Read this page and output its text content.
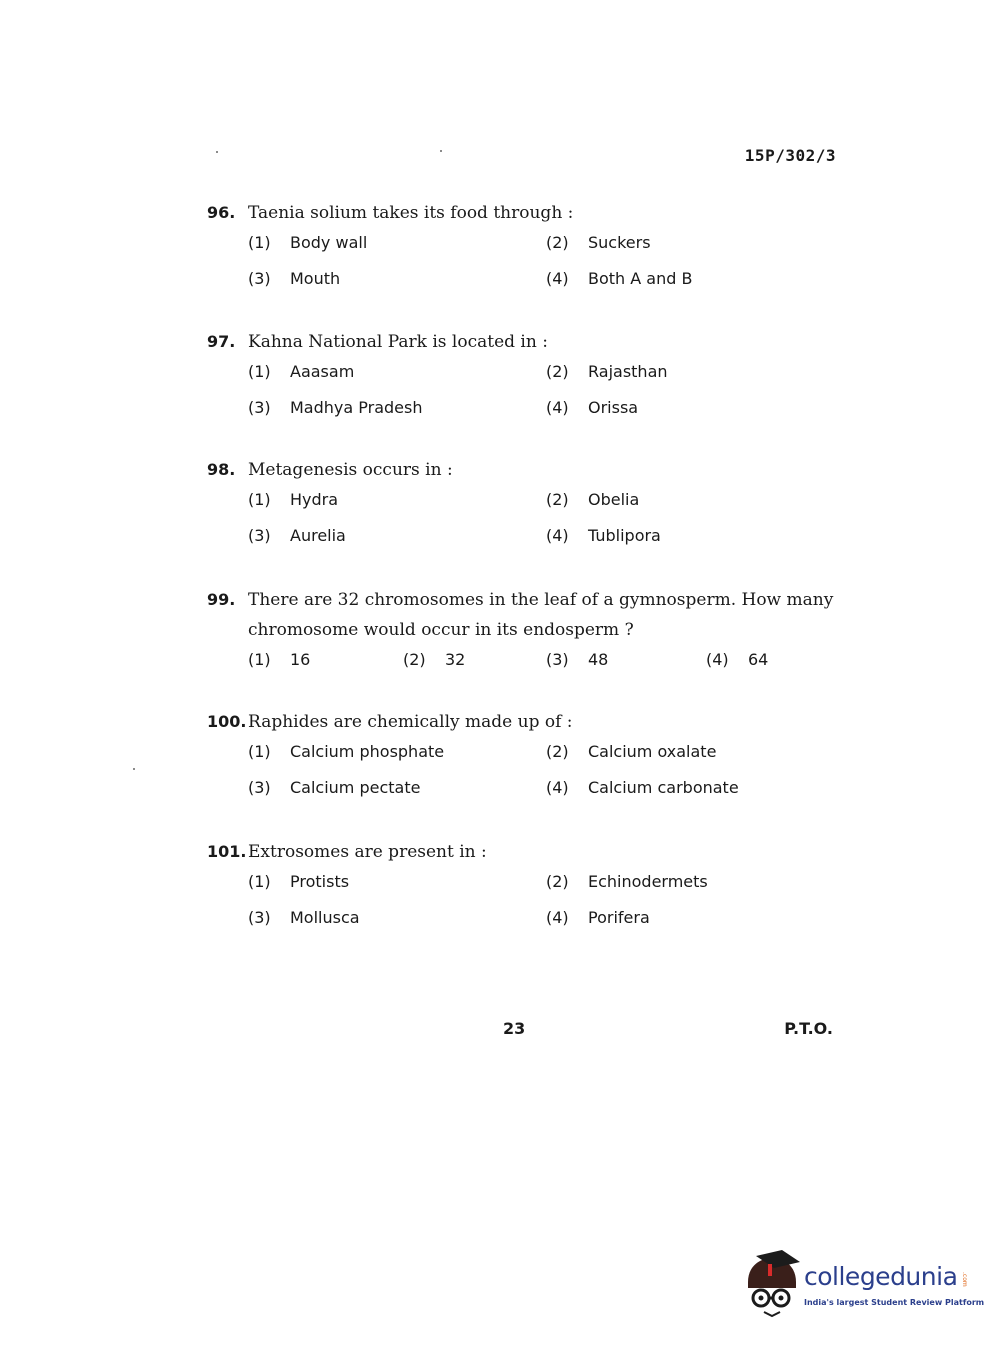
15P/302/3
96. Taenia solium takes its food through :
(1)	Body wall	(2)	Suckers
(3)	Mouth	(4)	Both A and B
97. Kahna National Park is located in :
(1)	Aaasam	(2)	Rajasthan
(3)	Madhya Pradesh	(4)	Orissa
98. Metagenesis occurs in :
(1)	Hydra	(2)	Obelia
(3)	Aurelia	(4)	Tublipora
99. There are 32 chromosomes in the leaf of a gymnosperm. How many
chromosome would occur in its endosperm ?
(1)	16	(2)	32	(3)	48	(4)	64
100. Raphides are chemically made up of :
(1)	Calcium phosphate	(2)	Calcium oxalate
(3)	Calcium pectate	(4)	Calcium carbonate
101. Extrosomes are present in :
(1)	Protists	(2)	Echinodermets
(3)	Mollusca	(4)	Porifera
23	P.T.O.
collegedunia .com
India's largest Student Review Platform
